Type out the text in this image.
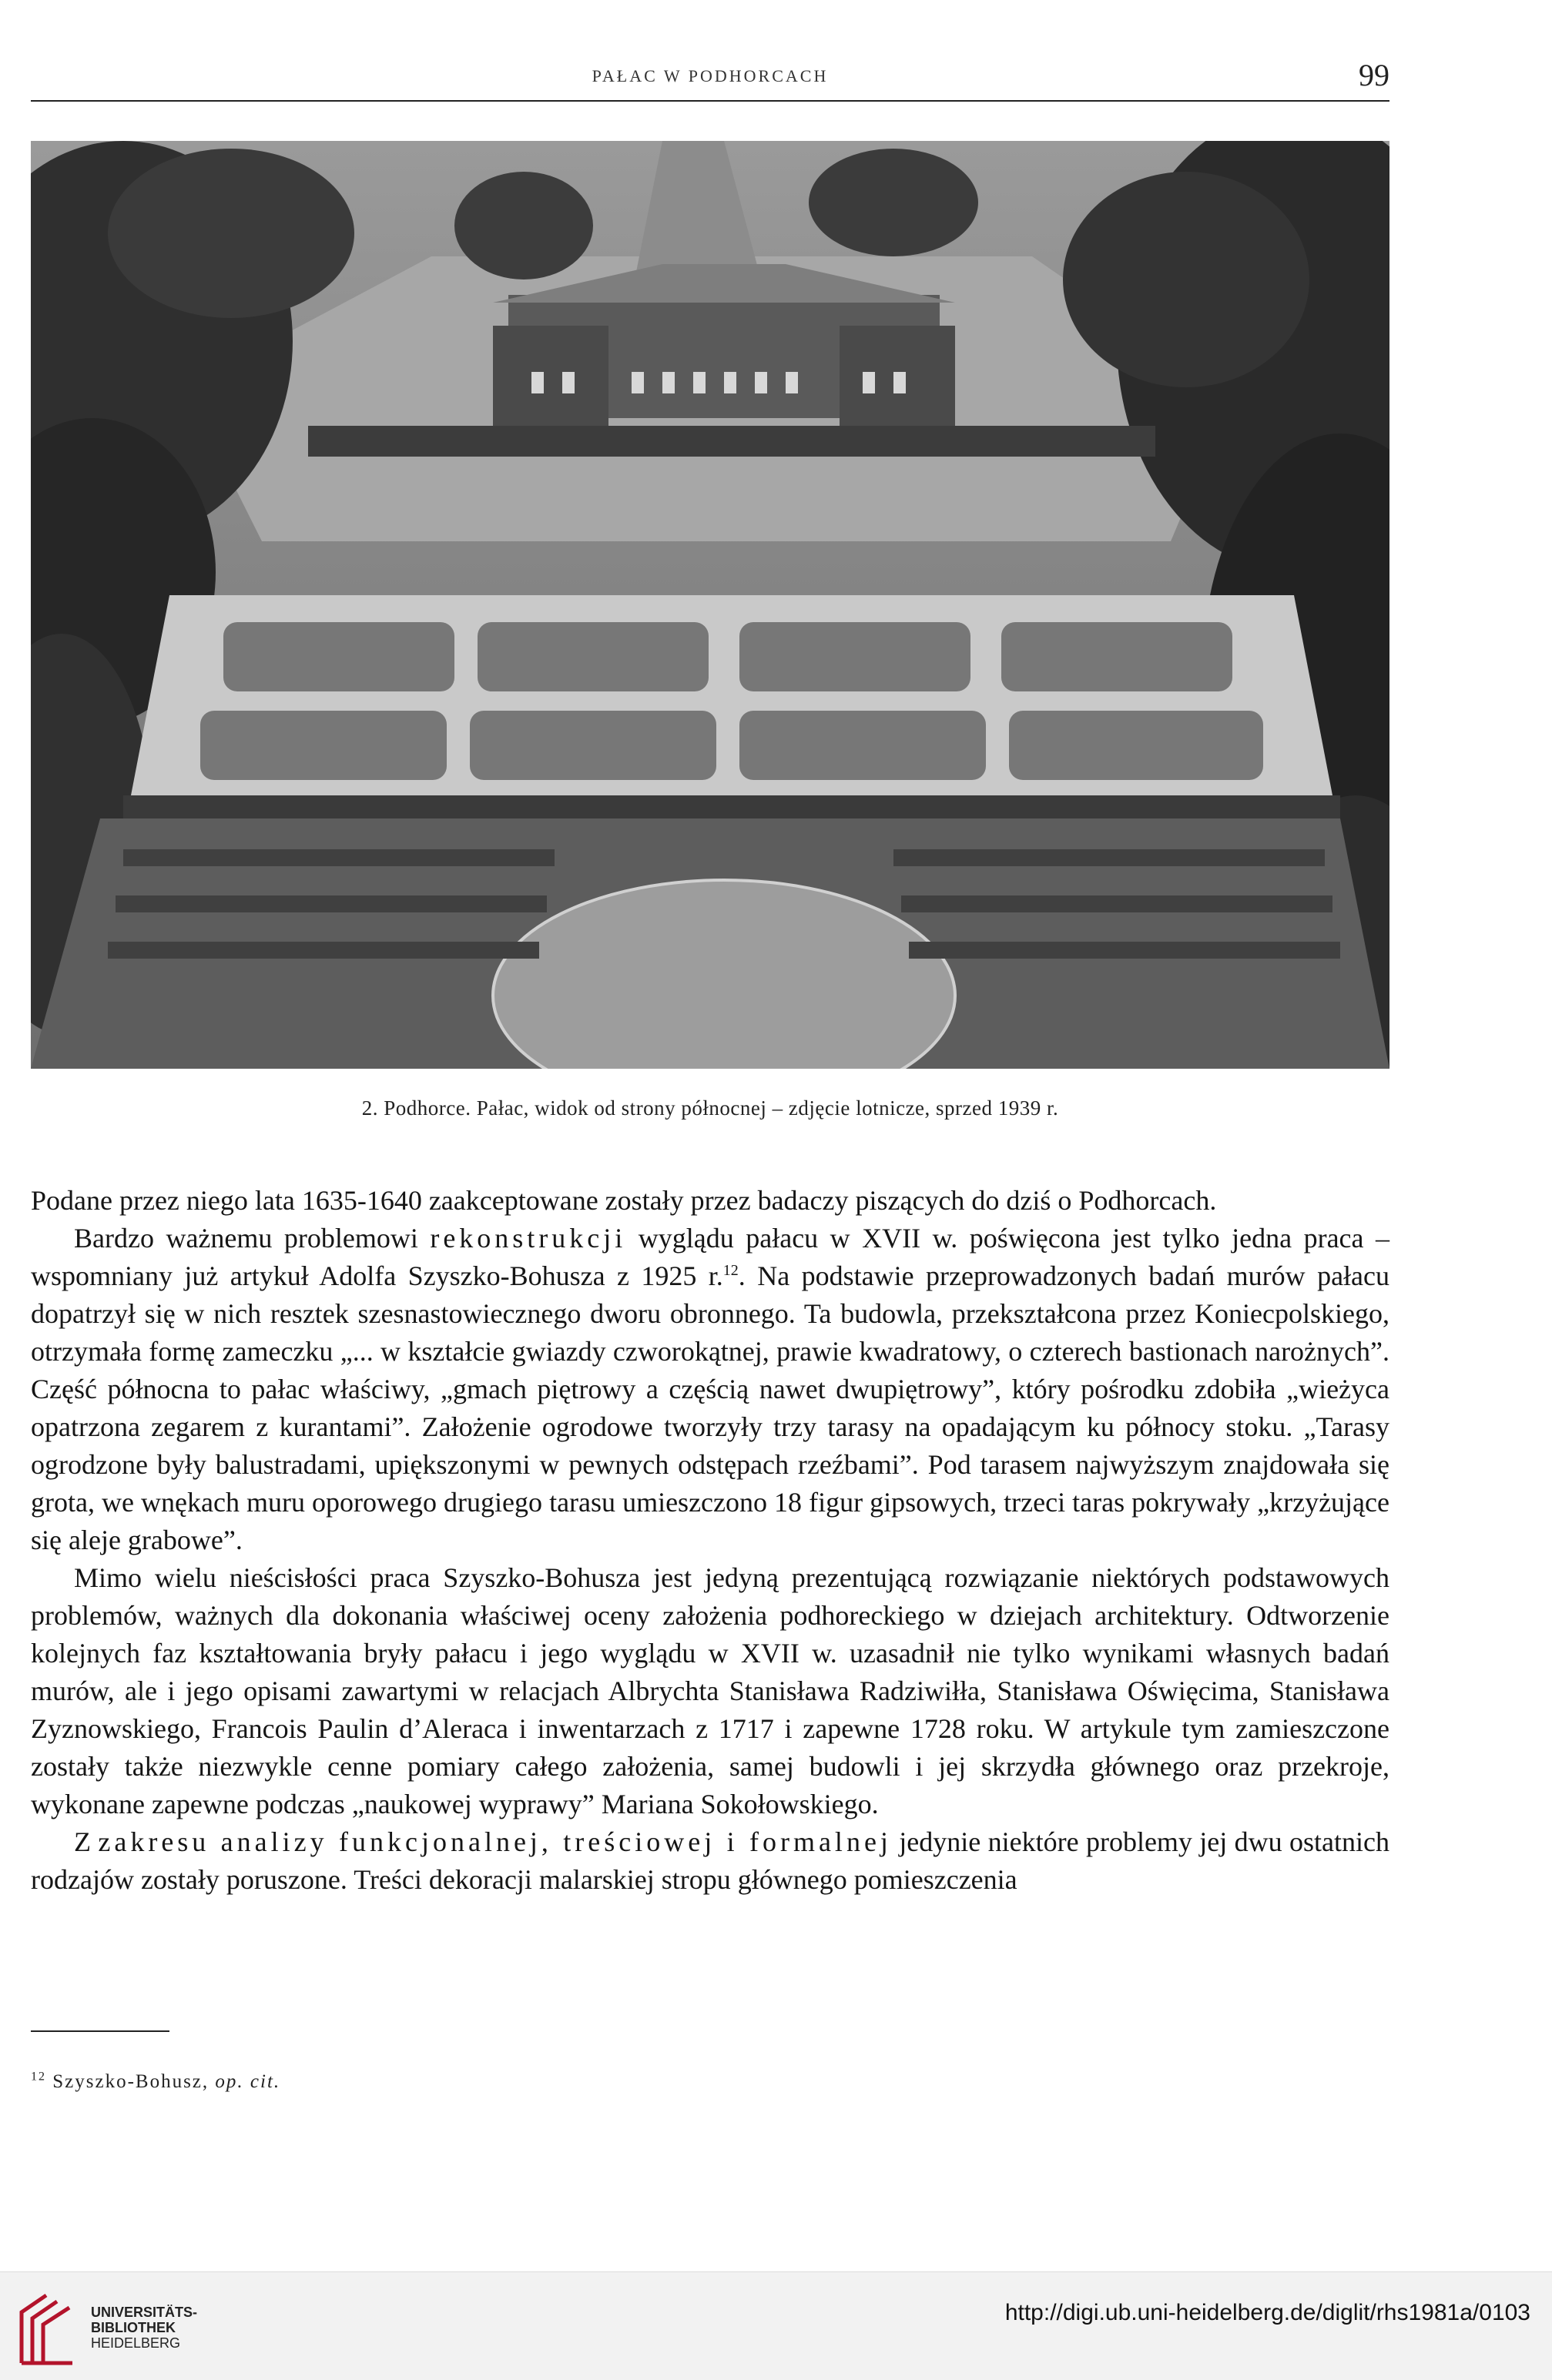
PAŁAC W PODHORCACH	99
2. Podhorce. Pałac, widok od strony północnej – zdjęcie lotnicze, sprzed 1939 r.

Podane przez niego lata 1635-1640 zaakceptowane zostały przez badaczy piszących do dziś o Podhorcach.

Bardzo ważnemu problemowi rekonstrukcji wyglądu pałacu w XVII w. poświęcona jest tylko jedna praca – wspomniany już artykuł Adolfa Szyszko-Bohusza z 1925 r.$^{12}$. Na podstawie przeprowadzonych badań murów pałacu dopatrzył się w nich resztek szesnastowiecznego dworu obronnego. Ta budowla, przekształcona przez Koniecpolskiego, otrzymała formę zameczku „... w kształcie gwiazdy czworokątnej, prawie kwadratowy, o czterech bastionach narożnych”. Część północna to pałac właściwy, „gmach piętrowy a częścią nawet dwupiętrowy”, który pośrodku zdobiła „wieżyca opatrzona zegarem z kurantami”. Założenie ogrodowe tworzyły trzy tarasy na opadającym ku północy stoku. „Tarasy ogrodzone były balustradami, upiększonymi w pewnych odstępach rzeźbami”. Pod tarasem najwyższym znajdowała się grota, we wnękach muru oporowego drugiego tarasu umieszczono 18 figur gipsowych, trzeci taras pokrywały „krzyżujące się aleje grabowe”.

Mimo wielu nieścisłości praca Szyszko-Bohusza jest jedyną prezentującą rozwiązanie niektórych podstawowych problemów, ważnych dla dokonania właściwej oceny założenia podhoreckiego w dziejach architektury. Odtworzenie kolejnych faz kształtowania bryły pałacu i jego wyglądu w XVII w. uzasadnił nie tylko wynikami własnych badań murów, ale i jego opisami zawartymi w relacjach Albrychta Stanisława Radziwiłła, Stanisława Oświęcima, Stanisława Zyznowskiego, Francois Paulin d’Aleraca i inwentarzach z 1717 i zapewne 1728 roku. W artykule tym zamieszczone zostały także niezwykle cenne pomiary całego założenia, samej budowli i jej skrzydła głównego oraz przekroje, wykonane zapewne podczas „naukowej wyprawy” Mariana Sokołowskiego.

Z zakresu analizy funkcjonalnej, treściowej i formalnej jedynie niektóre problemy jej dwu ostatnich rodzajów zostały poruszone. Treści dekoracji malarskiej stropu głównego pomieszczenia

$^{12}$ Szyszko-Bohusz, op. cit.
UNIVERSITÄTS-
BIBLIOTHEK
HEIDELBERG
http://digi.ub.uni-heidelberg.de/diglit/rhs1981a/0103
